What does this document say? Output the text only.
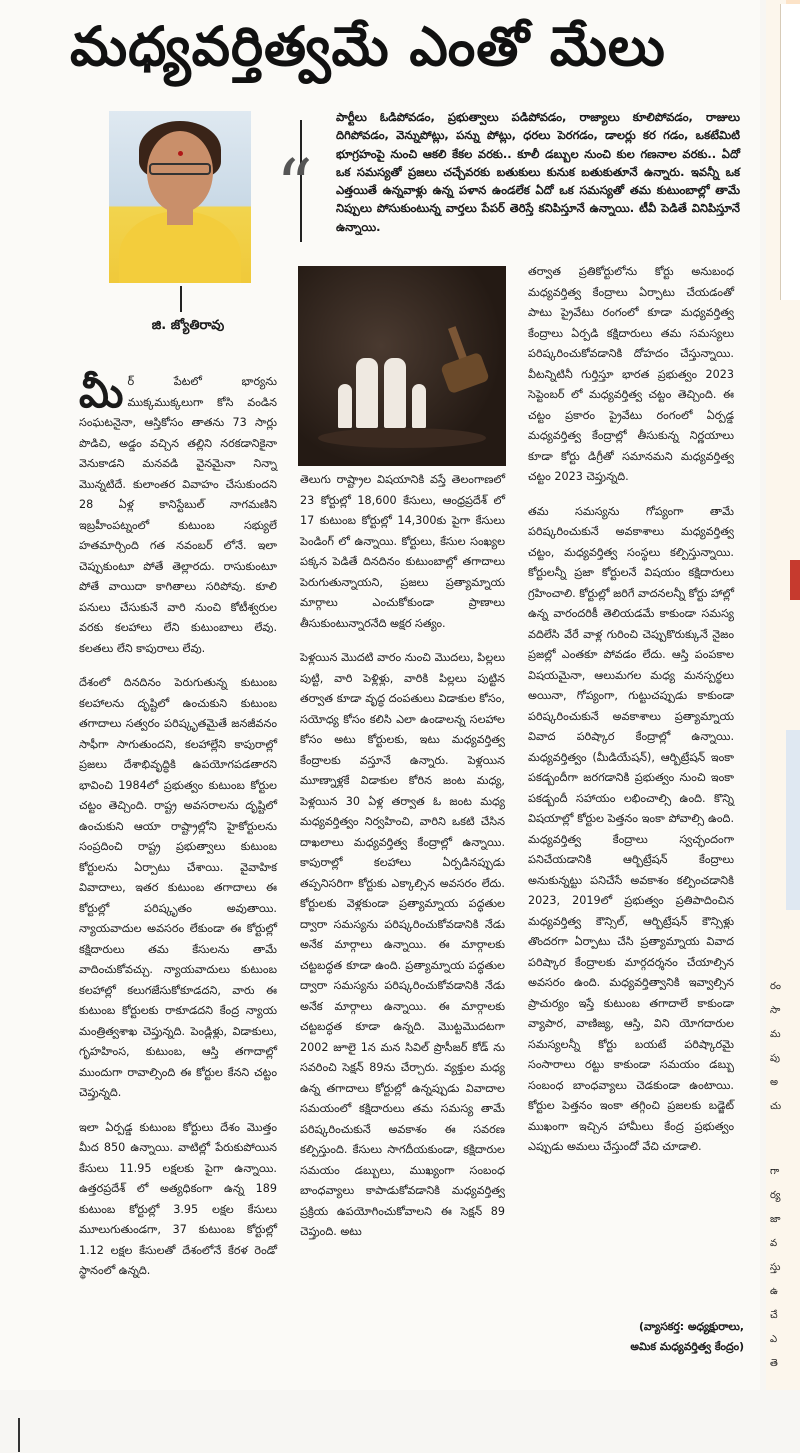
మధ్యవర్తిత్వమే ఎంతో మేలు
జి. జ్యోతిరావు
“
పార్టీలు ఓడిపోవడం, ప్రభుత్వాలు పడిపోవడం, రాజ్యాలు కూలిపోవడం, రాజులు దిగిపోవడం, వెన్నుపోట్లు, పన్ను పోట్లు, ధరలు పెరగడం, డాలర్లు కర గడం, ఒకటేమిటి భూగ్రహంపై నుంచి ఆకలి కేకల వరకు.. కూలీ డబ్బుల నుంచి కుల గణనాల వరకు.. ఏదో ఒక సమస్యతో ప్రజలు చచ్చేవరకు బతుకులు కునుక బతుకుతూనే ఉన్నారు. ఇవన్నీ ఒక ఎత్తయితే ఉన్నవాళ్లు ఉన్న పళాన ఉండలేక ఏదో ఒక సమస్యతో తమ కుటుంబాల్లో తామే నిప్పులు పోసుకుంటున్న వార్తలు పేపర్ తెరిస్తే కనిపిస్తూనే ఉన్నాయి. టీవీ పెడితే వినిపిస్తూనే ఉన్నాయి.

మీర్ పేటలో భార్యను ముక్కముక్కలుగా కోసి వండిన సంఘటనైనా, ఆస్తికోసం తాతను 73 సార్లు పొడిచి, అడ్డం వచ్చిన తల్లిని నరకడానికైనా వెనుకాడని మనవడి వైనమైనా నిన్నా మొన్నటిదే. కులాంతర వివాహం చేసుకుందని 28 ఏళ్ల కానిస్టేబుల్ నాగమణిని ఇబ్రహీంపట్నంలో కుటుంబ సభ్యులే హతమార్చింది గత నవంబర్ లోనే. ఇలా చెప్పుకుంటూ పోతే తెల్లారదు. రాసుకుంటూ పోతే వాయిదా కాగితాలు సరిపోవు. కూలి పనులు చేసుకునే వారి నుంచి కోటీశ్వరుల వరకు కలహాలు లేని కుటుంబాలు లేవు. కలతలు లేని కాపురాలు లేవు.

దేశంలో దినదినం పెరుగుతున్న కుటుంబ కలహాలను దృష్టిలో ఉంచుకుని కుటుంబ తగాదాలు సత్వరం పరిష్కృతమైతే జనజీవనం సాఫీగా సాగుతుందని, కలహాల్లేని కాపురాల్లో ప్రజలు దేశాభివృద్ధికి ఉపయోగపడతారని భావించి 1984లో ప్రభుత్వం కుటుంబ కోర్టుల చట్టం తెచ్చింది. రాష్ట్ర అవసరాలను దృష్టిలో ఉంచుకుని ఆయా రాష్ట్రాల్లోని హైకోర్టులను సంప్రదించి రాష్ట్ర ప్రభుత్వాలు కుటుంబ కోర్టులను ఏర్పాటు చేశాయి. వైవాహిక వివాదాలు, ఇతర కుటుంబ తగాదాలు ఈ కోర్టుల్లో పరిష్కృతం అవుతాయి. న్యాయవాదుల అవసరం లేకుండా ఈ కోర్టుల్లో కక్షిదారులు తమ కేసులను తామే వాదించుకోవచ్చు. న్యాయవాదులు కుటుంబ కలహాల్లో కలుగజేసుకోకూడదని, వారు ఈ కుటుంబ కోర్టులకు రాకూడదని కేంద్ర న్యాయ మంత్రిత్వశాఖ చెప్తున్నది. పెండ్లిళ్లు, విడాకులు, గృహహింస, కుటుంబ, ఆస్తి తగాదాల్లో ముందుగా రావాల్సింది ఈ కోర్టుల కేనని చట్టం చెప్తున్నది.

ఇలా ఏర్పడ్డ కుటుంబ కోర్టులు దేశం మొత్తం మీద 850 ఉన్నాయి. వాటిల్లో పేరుకుపోయిన కేసులు 11.95 లక్షలకు పైగా ఉన్నాయి. ఉత్తరప్రదేశ్ లో అత్యధికంగా ఉన్న 189 కుటుంబ కోర్టుల్లో 3.95 లక్షల కేసులు మూలుగుతుండగా, 37 కుటుంబ కోర్టుల్లో 1.12 లక్షల కేసులతో దేశంలోనే కేరళ రెండో స్థానంలో ఉన్నది.

తెలుగు రాష్ట్రాల విషయానికి వస్తే తెలంగాణలో 23 కోర్టుల్లో 18,600 కేసులు, ఆంధ్రప్రదేశ్ లో 17 కుటుంబ కోర్టుల్లో 14,300కు పైగా కేసులు పెండింగ్ లో ఉన్నాయి. కోర్టులు, కేసుల సంఖ్యల పక్కన పెడితే దినదినం కుటుంబాల్లో తగాదాలు పెరుగుతున్నాయని, ప్రజలు ప్రత్యామ్నాయ మార్గాలు ఎంచుకోకుండా ప్రాణాలు తీసుకుంటున్నారనేది అక్షర సత్యం.

పెళ్లయిన మొదటి వారం నుంచి మొదలు, పిల్లలు పుట్టి, వారి పెళ్లిళ్లు, వారికి పిల్లలు పుట్టిన తర్వాత కూడా వృద్ధ దంపతులు విడాకుల కోసం, సయోధ్య కోసం కలిసి ఎలా ఉండాలన్న సలహాల కోసం అటు కోర్టులకు, ఇటు మధ్యవర్తిత్వ కేంద్రాలకు వస్తూనే ఉన్నారు. పెళ్లయిన మూణ్నాళ్లకే విడాకుల కోరిన జంట మధ్య, పెళ్లయిన 30 ఏళ్ల తర్వాత ఓ జంట మధ్య మధ్యవర్తిత్వం నిర్వహించి, వారిని ఒకటి చేసిన దాఖలాలు మధ్యవర్తిత్వ కేంద్రాల్లో ఉన్నాయి. కాపురాల్లో కలహాలు ఏర్పడినప్పుడు తప్పనిసరిగా కోర్టుకు ఎక్కాల్సిన అవసరం లేదు. కోర్టులకు వెళ్లకుండా ప్రత్యామ్నాయ పద్ధతుల ద్వారా సమస్యను పరిష్కరించుకోవడానికి నేడు అనేక మార్గాలు ఉన్నాయి. ఈ మార్గాలకు చట్టబద్ధత కూడా ఉంది. ప్రత్యామ్నాయ పద్ధతుల ద్వారా సమస్యను పరిష్కరించుకోవడానికి నేడు అనేక మార్గాలు ఉన్నాయి. ఈ మార్గాలకు చట్టబద్ధత కూడా ఉన్నది. మొట్టమొదటగా 2002 జూలై 1న మన సివిల్ ప్రొసీజర్ కోడ్ ను సవరించి సెక్షన్ 89ను చేర్చారు. వ్యక్తుల మధ్య ఉన్న తగాదాలు కోర్టుల్లో ఉన్నప్పుడు వివాదాల సమయంలో కక్షిదారులు తమ సమస్య తామే పరిష్కరించుకునే అవకాశం ఈ సవరణ కల్పిస్తుంది. కేసులు సాగదీయకుండా, కక్షిదారుల సమయం డబ్బులు, ముఖ్యంగా సంబంధ బాంధవ్యాలు కాపాడుకోవడానికి మధ్యవర్తిత్వ ప్రక్రియ ఉపయోగించుకోవాలని ఈ సెక్షన్ 89 చెప్తుంది. అటు

తర్వాత ప్రతికోర్టులోను కోర్టు అనుబంధ మధ్యవర్తిత్వ కేంద్రాలు ఏర్పాటు చేయడంతో పాటు ప్రైవేటు రంగంలో కూడా మధ్యవర్తిత్వ కేంద్రాలు ఏర్పడి కక్షిదారులు తమ సమస్యలు పరిష్కరించుకోవడానికి దోహదం చేస్తున్నాయి. వీటన్నిటినీ గుర్తిస్తూ భారత ప్రభుత్వం 2023 సెప్టెంబర్ లో మధ్యవర్తిత్వ చట్టం తెచ్చింది. ఈ చట్టం ప్రకారం ప్రైవేటు రంగంలో ఏర్పడ్డ మధ్యవర్తిత్వ కేంద్రాల్లో తీసుకున్న నిర్ణయాలు కూడా కోర్టు డిగ్రీతో సమానమని మధ్యవర్తిత్వ చట్టం 2023 చెప్తున్నది.

తమ సమస్యను గోప్యంగా తామే పరిష్కరించుకునే అవకాశాలు మధ్యవర్తిత్వ చట్టం, మధ్యవర్తిత్వ సంస్థలు కల్పిస్తున్నాయి. కోర్టులన్నీ ప్రజా కోర్టులనే విషయం కక్షిదారులు గ్రహించాలి. కోర్టుల్లో జరిగే వాదనలన్నీ కోర్టు హాల్లో ఉన్న వారందరికీ తెలియడమే కాకుండా సమస్య వదిలేసి వేరే వాళ్ల గురించి చెప్పుకొరుక్కునే నైజం ప్రజల్లో ఎంతకూ పోవడం లేదు. ఆస్తి పంపకాల విషయమైనా, ఆలుమగల మధ్య మనస్పర్థలు అయినా, గోప్యంగా, గుట్టుచప్పుడు కాకుండా పరిష్కరించుకునే అవకాశాలు ప్రత్యామ్నాయ వివాద పరిష్కార కేంద్రాల్లో ఉన్నాయి. మధ్యవర్తిత్వం (మీడియేషన్), ఆర్బిట్రేషన్ ఇంకా పకడ్బందీగా జరగడానికి ప్రభుత్వం నుంచి ఇంకా పకడ్బందీ సహాయం లభించాల్సి ఉంది. కొన్ని విషయాల్లో కోర్టుల పెత్తనం ఇంకా పోవాల్సి ఉంది. మధ్యవర్తిత్వ కేంద్రాలు స్వచ్ఛందంగా పనిచేయడానికి ఆర్బిట్రేషన్ కేంద్రాలు అనుకున్నట్టు పనిచేసే అవకాశం కల్పించడానికి 2023, 2019లో ప్రభుత్వం ప్రతిపాదించిన మధ్యవర్తిత్వ కౌన్సిల్, ఆర్బిట్రేషన్ కౌన్సిళ్లు తొందరగా ఏర్పాటు చేసి ప్రత్యామ్నాయ వివాద పరిష్కార కేంద్రాలకు మార్గదర్శనం చేయాల్సిన అవసరం ఉంది. మధ్యవర్తిత్వానికి ఇవ్వాల్సిన ప్రాచుర్యం ఇస్తే కుటుంబ తగాదాలే కాకుండా వ్యాపార, వాణిజ్య, ఆస్తి, విని యోగదారుల సమస్యలన్నీ కోర్టు బయటే పరిష్కారమై సంసారాలు రట్టు కాకుండా సమయం డబ్బు సంబంధ బాంధవ్యాలు చెడకుండా ఉంటాయి. కోర్టుల పెత్తనం ఇంకా తగ్గించి ప్రజలకు బడ్జెట్ ముఖంగా ఇచ్చిన హామీలు కేంద్ర ప్రభుత్వం ఎప్పుడు అమలు చేస్తుందో వేచి చూడాలి.

(వ్యాసకర్త: అధ్యక్షురాలు,
అమిక మధ్యవర్తిత్వ కేంద్రం)
రం
సా
మ
పు
అ
చు
గా
ర్య
జా
వ
స్తు
ఉ
చే
ఎ
తె
